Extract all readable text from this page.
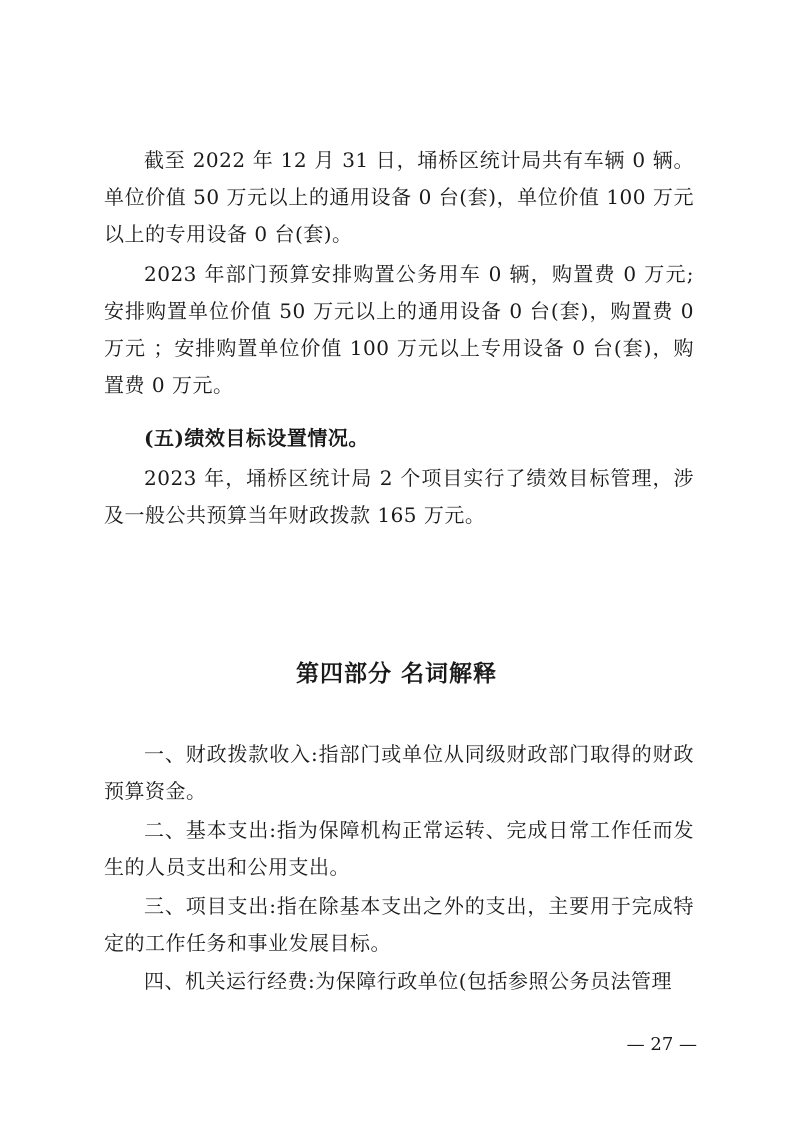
截至 2022 年 12 月 31 日，埇桥区统计局共有车辆 0 辆。单位价值 50 万元以上的通用设备 0 台(套)，单位价值 100 万元以上的专用设备 0 台(套)。

2023 年部门预算安排购置公务用车 0 辆，购置费 0 万元;安排购置单位价值 50 万元以上的通用设备 0 台(套)，购置费 0 万元 ；安排购置单位价值 100 万元以上专用设备 0 台(套)，购置费 0 万元。

(五)绩效目标设置情况。

2023 年，埇桥区统计局 2 个项目实行了绩效目标管理，涉及一般公共预算当年财政拨款 165 万元。

第四部分 名词解释

一、财政拨款收入:指部门或单位从同级财政部门取得的财政预算资金。

二、基本支出:指为保障机构正常运转、完成日常工作任而发生的人员支出和公用支出。

三、项目支出:指在除基本支出之外的支出，主要用于完成特定的工作任务和事业发展目标。

四、机关运行经费:为保障行政单位(包括参照公务员法管理

— 27 —
